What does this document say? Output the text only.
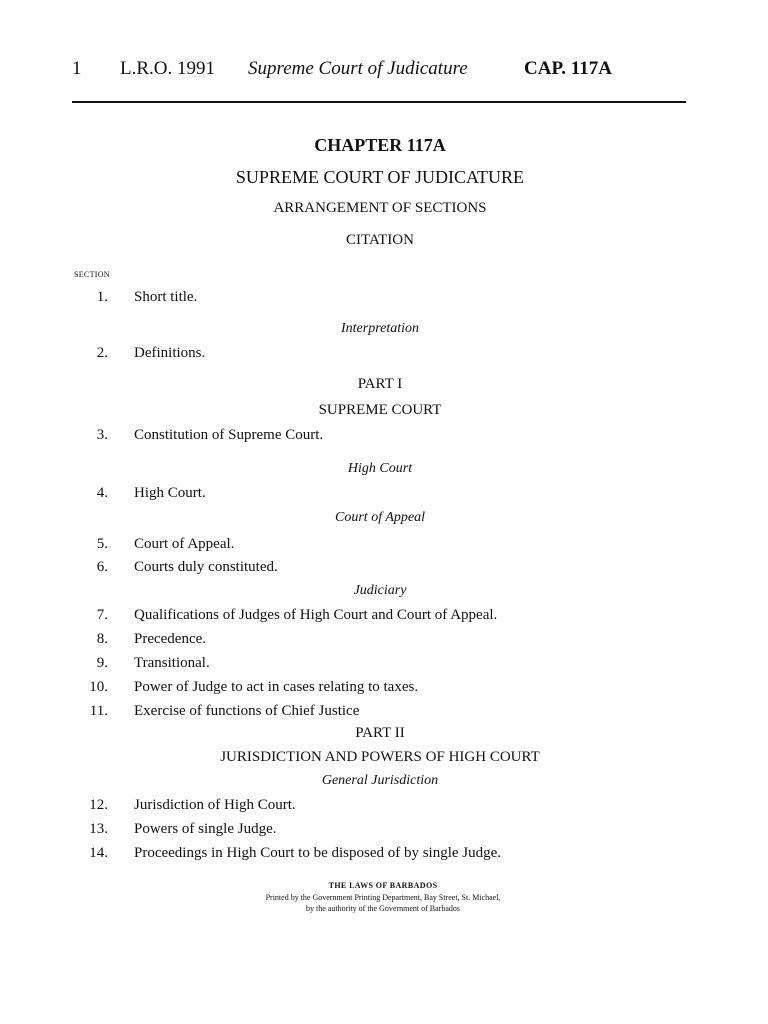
1 L.R.O. 1991 Supreme Court of Judicature	CAP. 117A
CHAPTER 117A
SUPREME COURT OF JUDICATURE
ARRANGEMENT OF SECTIONS
CITATION
SECTION
1. Short title.
Interpretation
2. Definitions.
PART I
SUPREME COURT
3. Constitution of Supreme Court.
High Court
4. High Court.
Court of Appeal
5. Court of Appeal.
6. Courts duly constituted.
Judiciary
7. Qualifications of Judges of High Court and Court of Appeal.
8. Precedence.
9. Transitional.
10. Power of Judge to act in cases relating to taxes.
11. Exercise of functions of Chief Justice
PART II
JURISDICTION AND POWERS OF HIGH COURT
General Jurisdiction
12. Jurisdiction of High Court.
13. Powers of single Judge.
14. Proceedings in High Court to be disposed of by single Judge.
THE LAWS OF BARBADOS
Printed by the Government Printing Department, Bay Street, St. Michael,
by the authority of the Government of Barbados
